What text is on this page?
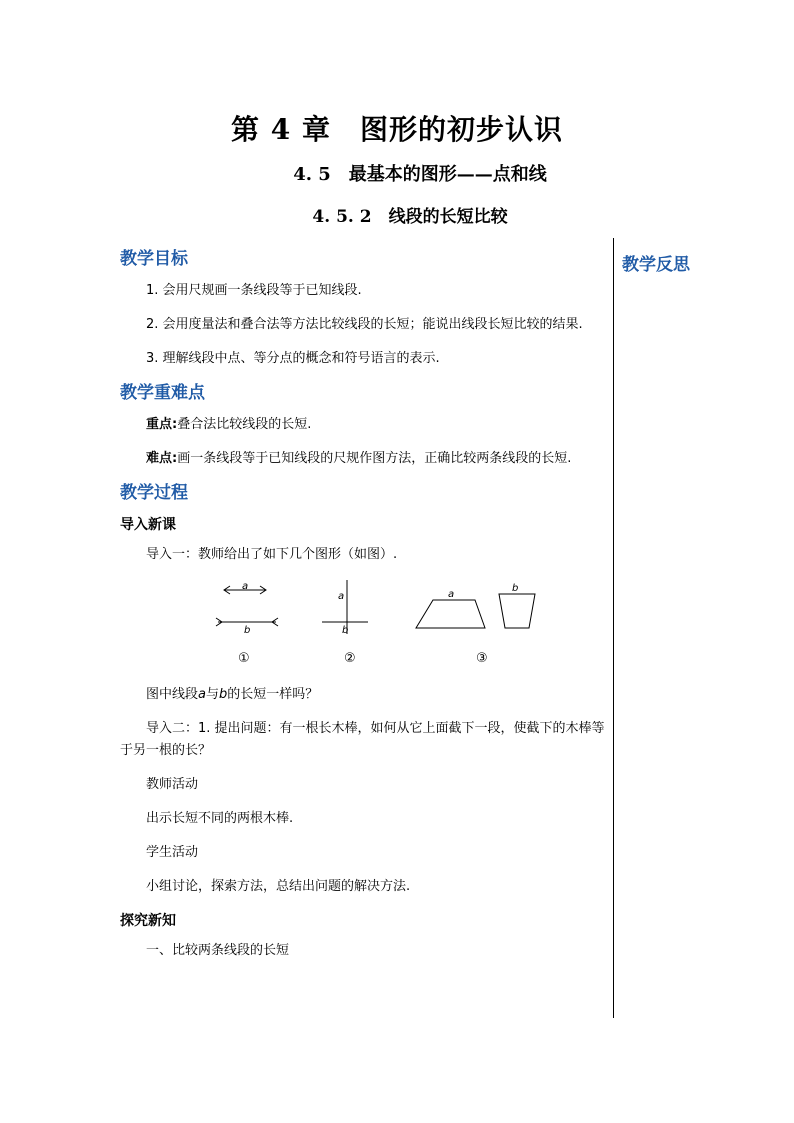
第 4 章　图形的初步认识
4. 5　最基本的图形——点和线
4. 5. 2　线段的长短比较
教学反思
教学目标
1. 会用尺规画一条线段等于已知线段.
2. 会用度量法和叠合法等方法比较线段的长短；能说出线段长短比较的结果.
3. 理解线段中点、等分点的概念和符号语言的表示.
教学重难点
重点:叠合法比较线段的长短.
难点:画一条线段等于已知线段的尺规作图方法，正确比较两条线段的长短.
教学过程
导入新课
导入一：教师给出了如下几个图形（如图）.
a
b
a
b
a
b
①	②	③
图中线段a与b的长短一样吗？
导入二：1. 提出问题：有一根长木棒，如何从它上面截下一段，使截下的木棒等于另一根的长？
教师活动
出示长短不同的两根木棒.
学生活动
小组讨论，探索方法，总结出问题的解决方法.
探究新知
一、比较两条线段的长短
